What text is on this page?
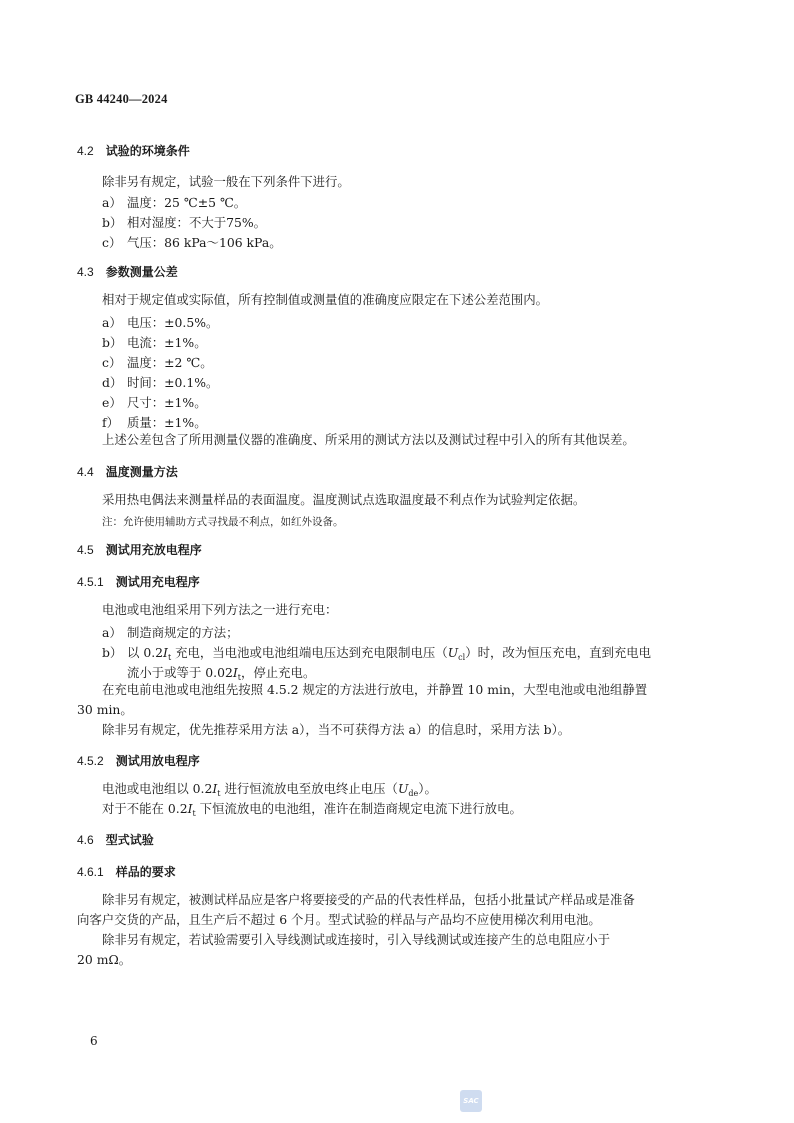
GB 44240—2024
4.2 试验的环境条件
除非另有规定，试验一般在下列条件下进行。
a） 温度：25 ℃±5 ℃。
b） 相对湿度：不大于75%。
c） 气压：86 kPa～106 kPa。
4.3 参数测量公差
相对于规定值或实际值，所有控制值或测量值的准确度应限定在下述公差范围内。
a） 电压：±0.5%。
b） 电流：±1%。
c） 温度：±2 ℃。
d） 时间：±0.1%。
e） 尺寸：±1%。
f） 质量：±1%。
上述公差包含了所用测量仪器的准确度、所采用的测试方法以及测试过程中引入的所有其他误差。
4.4 温度测量方法
采用热电偶法来测量样品的表面温度。温度测试点选取温度最不利点作为试验判定依据。
注：允许使用辅助方式寻找最不利点，如红外设备。
4.5 测试用充放电程序
4.5.1 测试用充电程序
电池或电池组采用下列方法之一进行充电：
a） 制造商规定的方法；
b） 以 $0.2I_t$ 充电，当电池或电池组端电压达到充电限制电压$(U_{cl})$时，改为恒压充电，直到充电电
流小于或等于 $0.02I_t$，停止充电。
在充电前电池或电池组先按照 4.5.2 规定的方法进行放电，并静置 10 min，大型电池或电池组静置
30 min。
除非另有规定，优先推荐采用方法 a），当不可获得方法 a）的信息时，采用方法 b）。
4.5.2 测试用放电程序
电池或电池组以 $0.2I_t$ 进行恒流放电至放电终止电压$(U_{de})$。
对于不能在 $0.2I_t$ 下恒流放电的电池组，准许在制造商规定电流下进行放电。
4.6 型式试验
4.6.1 样品的要求
除非另有规定，被测试样品应是客户将要接受的产品的代表性样品，包括小批量试产样品或是准备
向客户交货的产品，且生产后不超过 6 个月。型式试验的样品与产品均不应使用梯次利用电池。
除非另有规定，若试验需要引入导线测试或连接时，引入导线测试或连接产生的总电阻应小于
20 mΩ。
6
SAC
